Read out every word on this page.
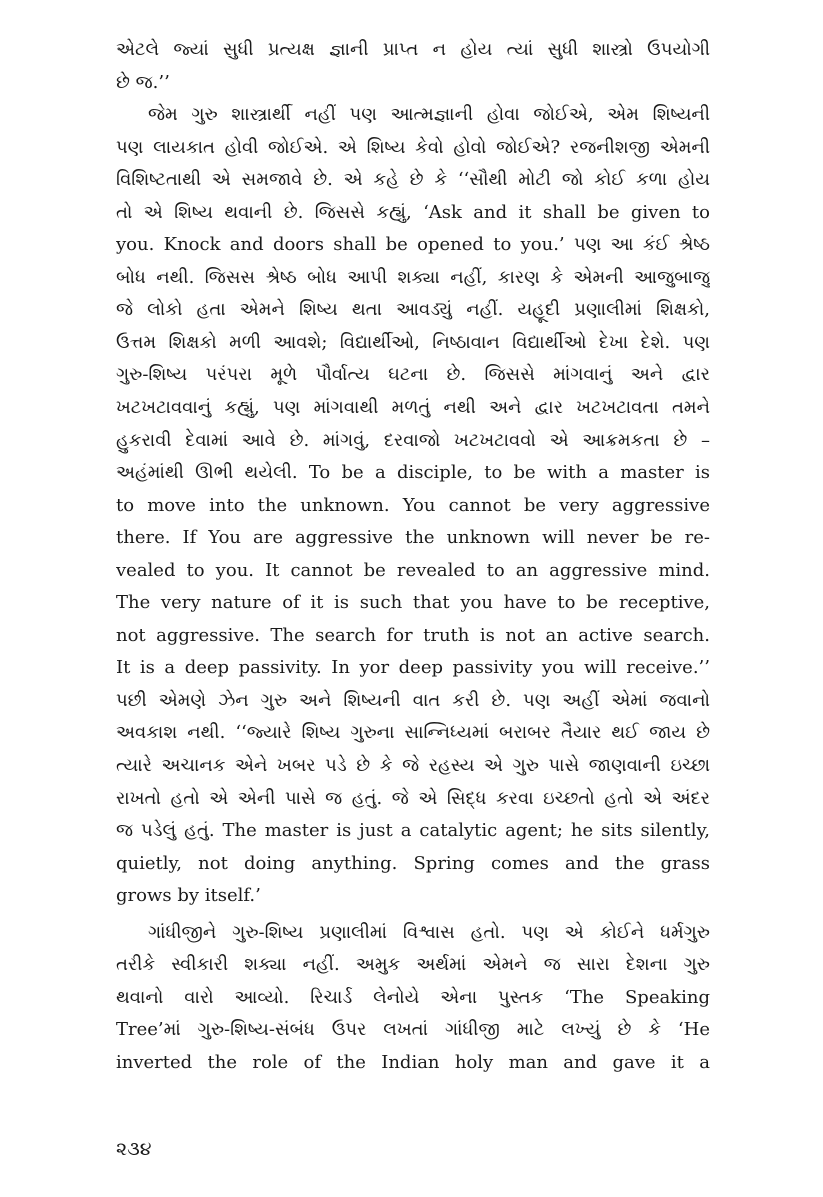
એટલે જ્યાં સુધી પ્રત્યક્ષ જ્ઞાની પ્રાપ્ત ન હોય ત્યાં સુધી શાસ્ત્રો ઉપયોગી
છે જ.’’
જેમ ગુરુ શાસ્ત્રાર્થી નહીં પણ આત્મજ્ઞાની હોવા જોઈએ, એમ શિષ્યની
પણ લાયકાત હોવી જોઈએ. એ શિષ્ય કેવો હોવો જોઈએ? રજનીશજી એમની
વિશિષ્ટતાથી એ સમજાવે છે. એ કહે છે કે ‘‘સૌથી મોટી જો કોઈ કળા હોય
તો એ શિષ્ય થવાની છે. જિસસે કહ્યું, ‘Ask and it shall be given to
you. Knock and doors shall be opened to you.’ પણ આ કંઈ શ્રેષ્ઠ
બોધ નથી. જિસસ શ્રેષ્ઠ બોધ આપી શક્યા નહીં, કારણ કે એમની આજુબાજુ
જે લોકો હતા એમને શિષ્ય થતા આવડ્યું નહીં. યહૂદી પ્રણાલીમાં શિક્ષકો,
ઉત્તમ શિક્ષકો મળી આવશે; વિદ્યાર્થીઓ, નિષ્ઠાવાન વિદ્યાર્થીઓ દેખા દેશે. પણ
ગુરુ-શિષ્ય પરંપરા મૂળે પૌર્વાત્ય ઘટના છે. જિસસે માંગવાનું અને દ્વાર
ખટખટાવવાનું કહ્યું, પણ માંગવાથી મળતું નથી અને દ્વાર ખટખટાવતા તમને
હુકરાવી દેવામાં આવે છે. માંગવું, દરવાજો ખટખટાવવો એ આક્રમકતા છે –
અહંમાંથી ઊભી થયેલી. To be a disciple, to be with a master is
to move into the unknown. You cannot be very aggressive
there. If You are aggressive the unknown will never be re-
vealed to you. It cannot be revealed to an aggressive mind.
The very nature of it is such that you have to be receptive,
not aggressive. The search for truth is not an active search.
It is a deep passivity. In yor deep passivity you will receive.’’
પછી એમણે ઝેન ગુરુ અને શિષ્યની વાત કરી છે. પણ અહીં એમાં જવાનો
અવકાશ નથી. ‘‘જ્યારે શિષ્ય ગુરુના સાન્નિધ્યમાં બરાબર તૈયાર થઈ જાય છે
ત્યારે અચાનક એને ખબર પડે છે કે જે રહસ્ય એ ગુરુ પાસે જાણવાની ઇચ્છા
રાખતો હતો એ એની પાસે જ હતું. જે એ સિદ્ધ કરવા ઇચ્છતો હતો એ અંદર
જ પડેલું હતું. The master is just a catalytic agent; he sits silently,
quietly, not doing anything. Spring comes and the grass
grows by itself.’
ગાંધીજીને ગુરુ-શિષ્ય પ્રણાલીમાં વિશ્વાસ હતો. પણ એ કોઈને ધર્મગુરુ
તરીકે સ્વીકારી શક્યા નહીં. અમુક અર્થમાં એમને જ સારા દેશના ગુરુ
થવાનો વારો આવ્યો. રિચાર્ડ લેનોયે એના પુસ્તક ‘The Speaking
Tree’માં ગુરુ-શિષ્ય-સંબંધ ઉપર લખતાં ગાંધીજી માટે લખ્યું છે કે ‘He
inverted the role of the Indian holy man and gave it a
૨૩૪
